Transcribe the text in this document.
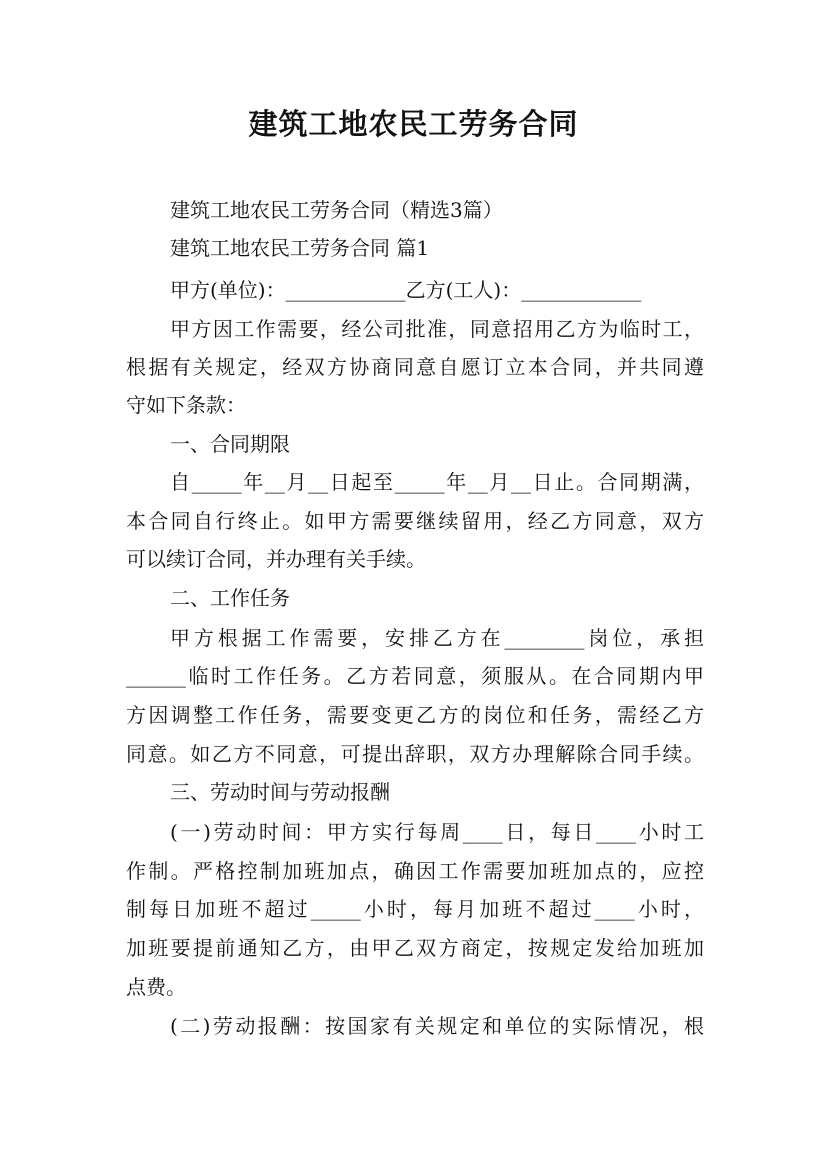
建筑工地农民工劳务合同
建筑工地农民工劳务合同（精选3篇）
建筑工地农民工劳务合同 篇1
甲方(单位)：____________乙方(工人)：____________
甲方因工作需要，经公司批准，同意招用乙方为临时工，
根据有关规定，经双方协商同意自愿订立本合同，并共同遵
守如下条款：
一、合同期限
自_____年__月__日起至_____年__月__日止。合同期满，
本合同自行终止。如甲方需要继续留用，经乙方同意，双方
可以续订合同，并办理有关手续。
二、工作任务
甲方根据工作需要，安排乙方在________岗位，承担
______临时工作任务。乙方若同意，须服从。在合同期内甲
方因调整工作任务，需要变更乙方的岗位和任务，需经乙方
同意。如乙方不同意，可提出辞职，双方办理解除合同手续。
三、劳动时间与劳动报酬
(一)劳动时间：甲方实行每周____日，每日____小时工
作制。严格控制加班加点，确因工作需要加班加点的，应控
制每日加班不超过_____小时，每月加班不超过____小时，
加班要提前通知乙方，由甲乙双方商定，按规定发给加班加
点费。
(二)劳动报酬：按国家有关规定和单位的实际情况，根
